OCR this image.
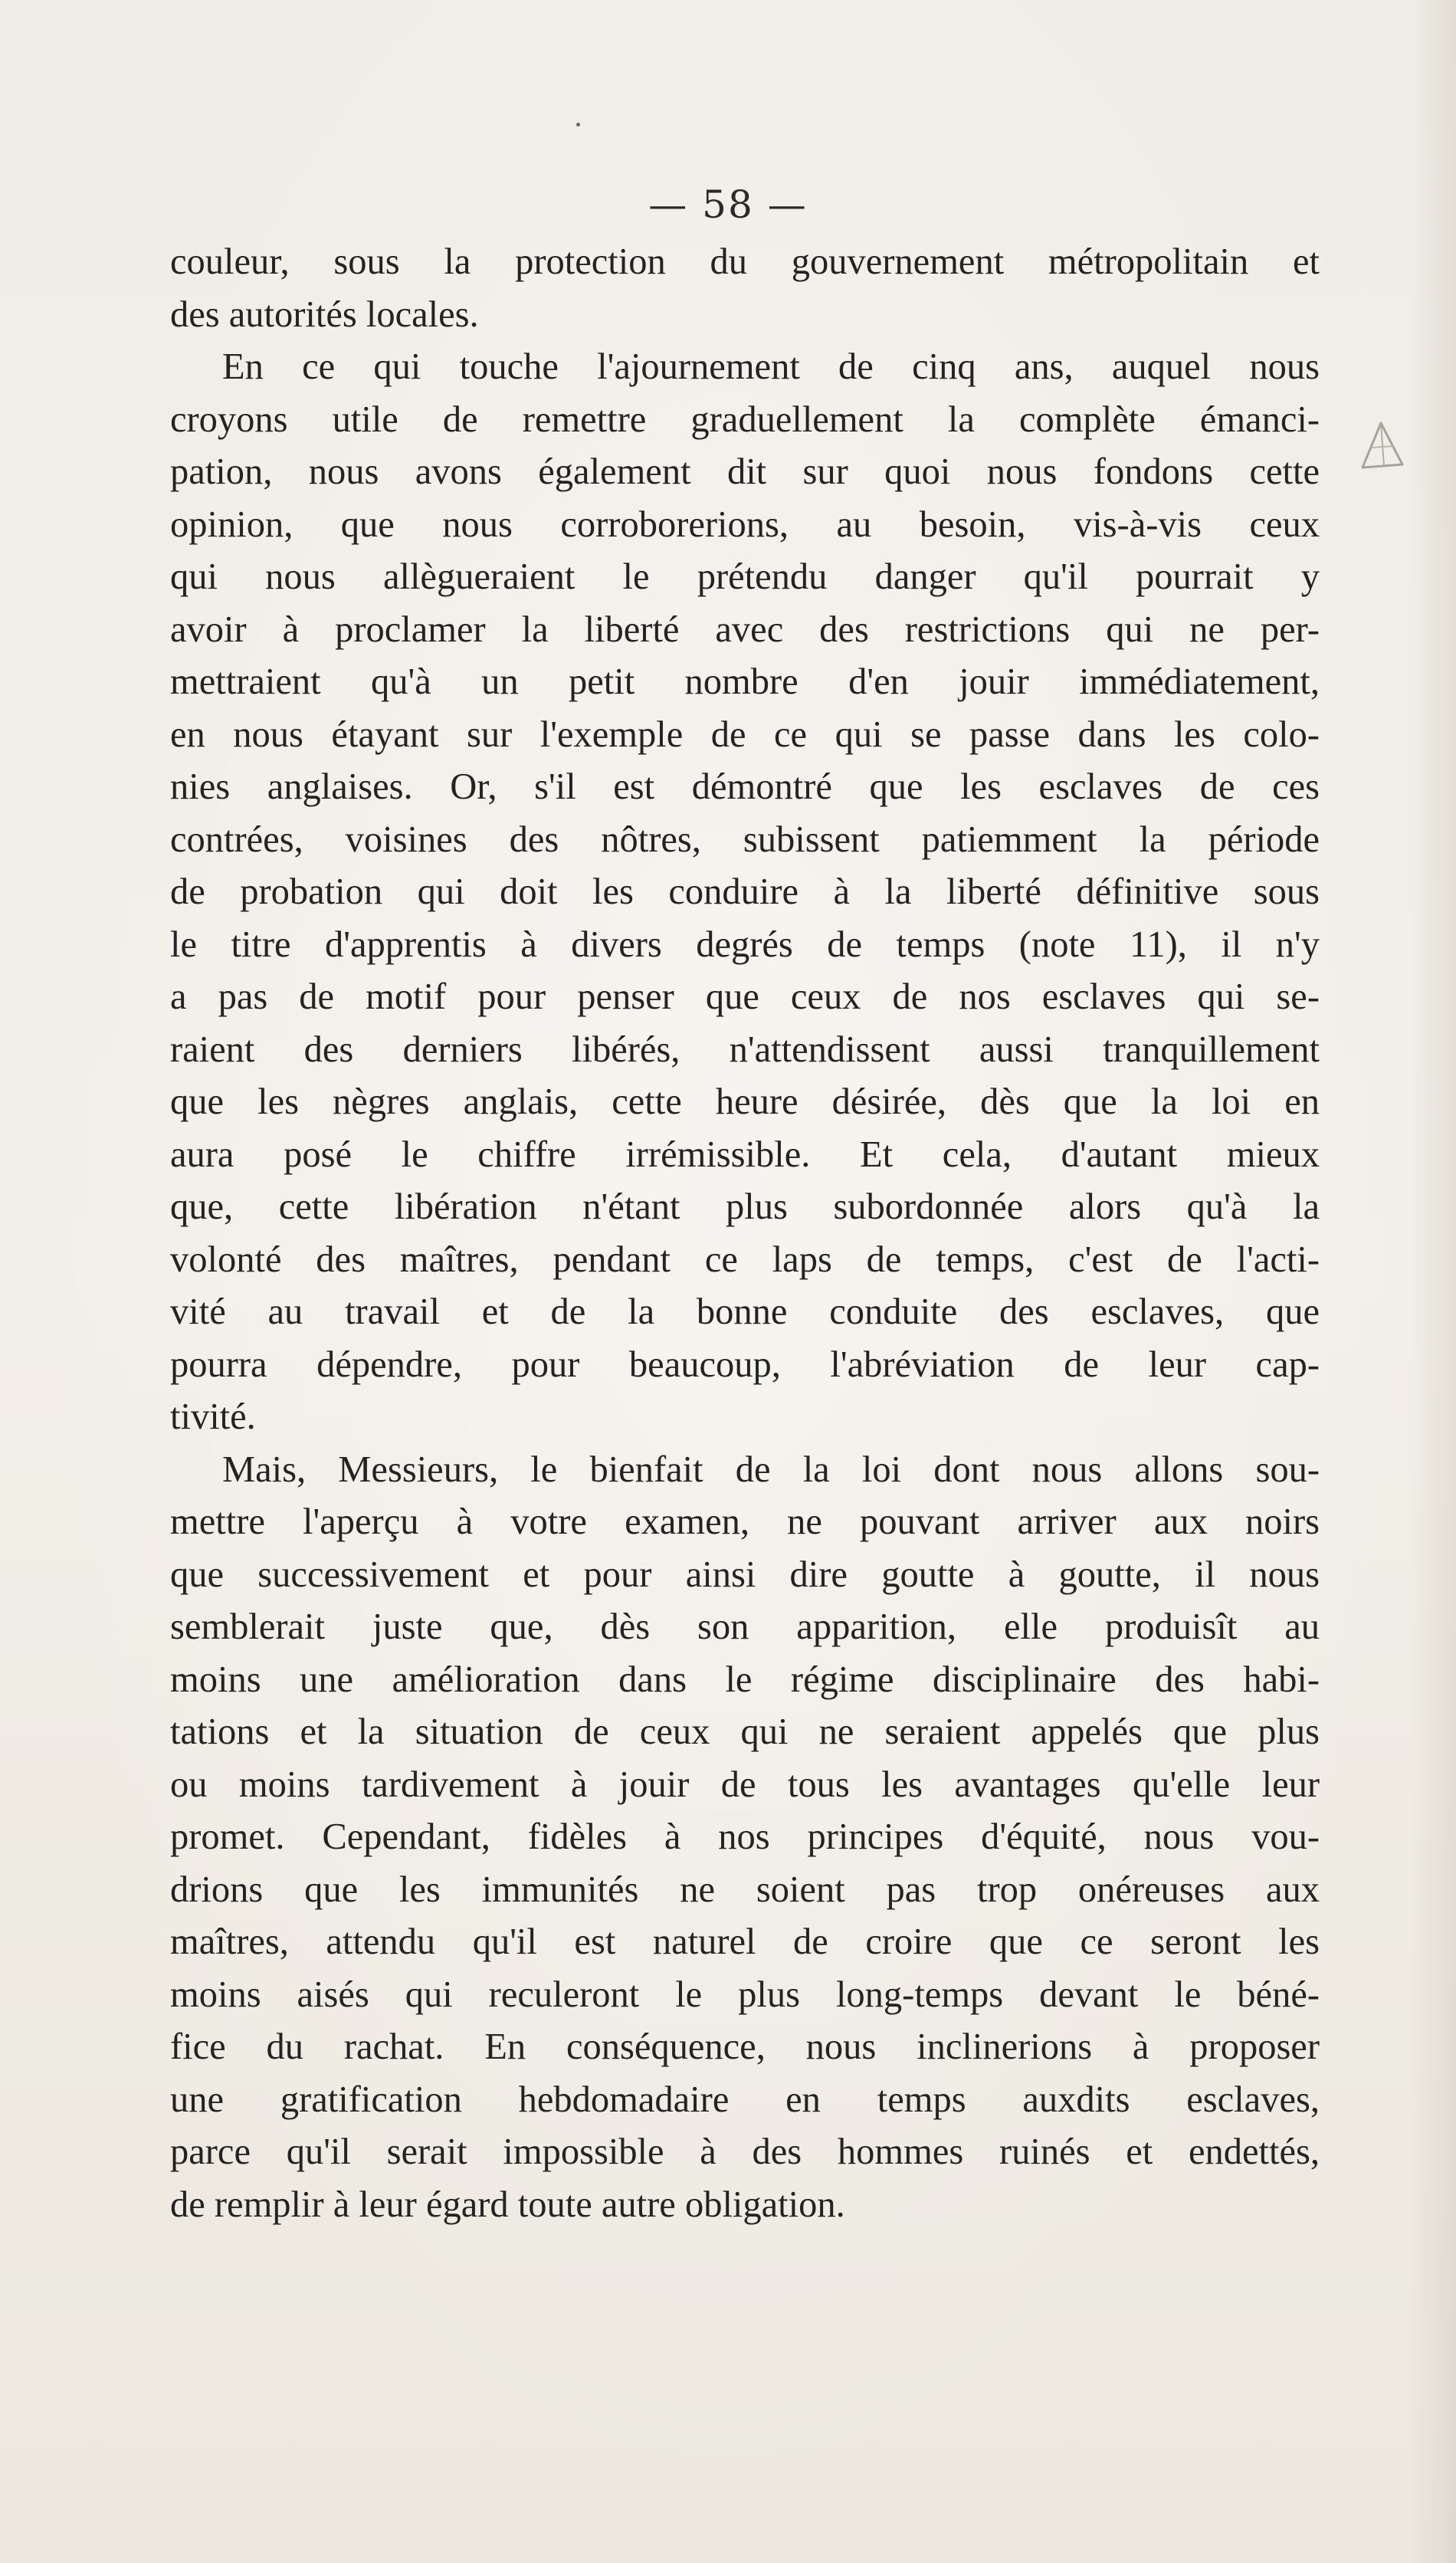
— 58 —
couleur, sous la protection du gouvernement métropolitain et
des autorités locales.
En ce qui touche l'ajournement de cinq ans, auquel nous
croyons utile de remettre graduellement la complète émanci-
pation, nous avons également dit sur quoi nous fondons cette
opinion, que nous corroborerions, au besoin, vis-à-vis ceux
qui nous allègueraient le prétendu danger qu'il pourrait y
avoir à proclamer la liberté avec des restrictions qui ne per-
mettraient qu'à un petit nombre d'en jouir immédiatement,
en nous étayant sur l'exemple de ce qui se passe dans les colo-
nies anglaises. Or, s'il est démontré que les esclaves de ces
contrées, voisines des nôtres, subissent patiemment la période
de probation qui doit les conduire à la liberté définitive sous
le titre d'apprentis à divers degrés de temps (note 11), il n'y
a pas de motif pour penser que ceux de nos esclaves qui se-
raient des derniers libérés, n'attendissent aussi tranquillement
que les nègres anglais, cette heure désirée, dès que la loi en
aura posé le chiffre irrémissible. Et cela, d'autant mieux
que, cette libération n'étant plus subordonnée alors qu'à la
volonté des maîtres, pendant ce laps de temps, c'est de l'acti-
vité au travail et de la bonne conduite des esclaves, que
pourra dépendre, pour beaucoup, l'abréviation de leur cap-
tivité.
Mais, Messieurs, le bienfait de la loi dont nous allons sou-
mettre l'aperçu à votre examen, ne pouvant arriver aux noirs
que successivement et pour ainsi dire goutte à goutte, il nous
semblerait juste que, dès son apparition, elle produisît au
moins une amélioration dans le régime disciplinaire des habi-
tations et la situation de ceux qui ne seraient appelés que plus
ou moins tardivement à jouir de tous les avantages qu'elle leur
promet. Cependant, fidèles à nos principes d'équité, nous vou-
drions que les immunités ne soient pas trop onéreuses aux
maîtres, attendu qu'il est naturel de croire que ce seront les
moins aisés qui reculeront le plus long-temps devant le béné-
fice du rachat. En conséquence, nous inclinerions à proposer
une gratification hebdomadaire en temps auxdits esclaves,
parce qu'il serait impossible à des hommes ruinés et endettés,
de remplir à leur égard toute autre obligation.
